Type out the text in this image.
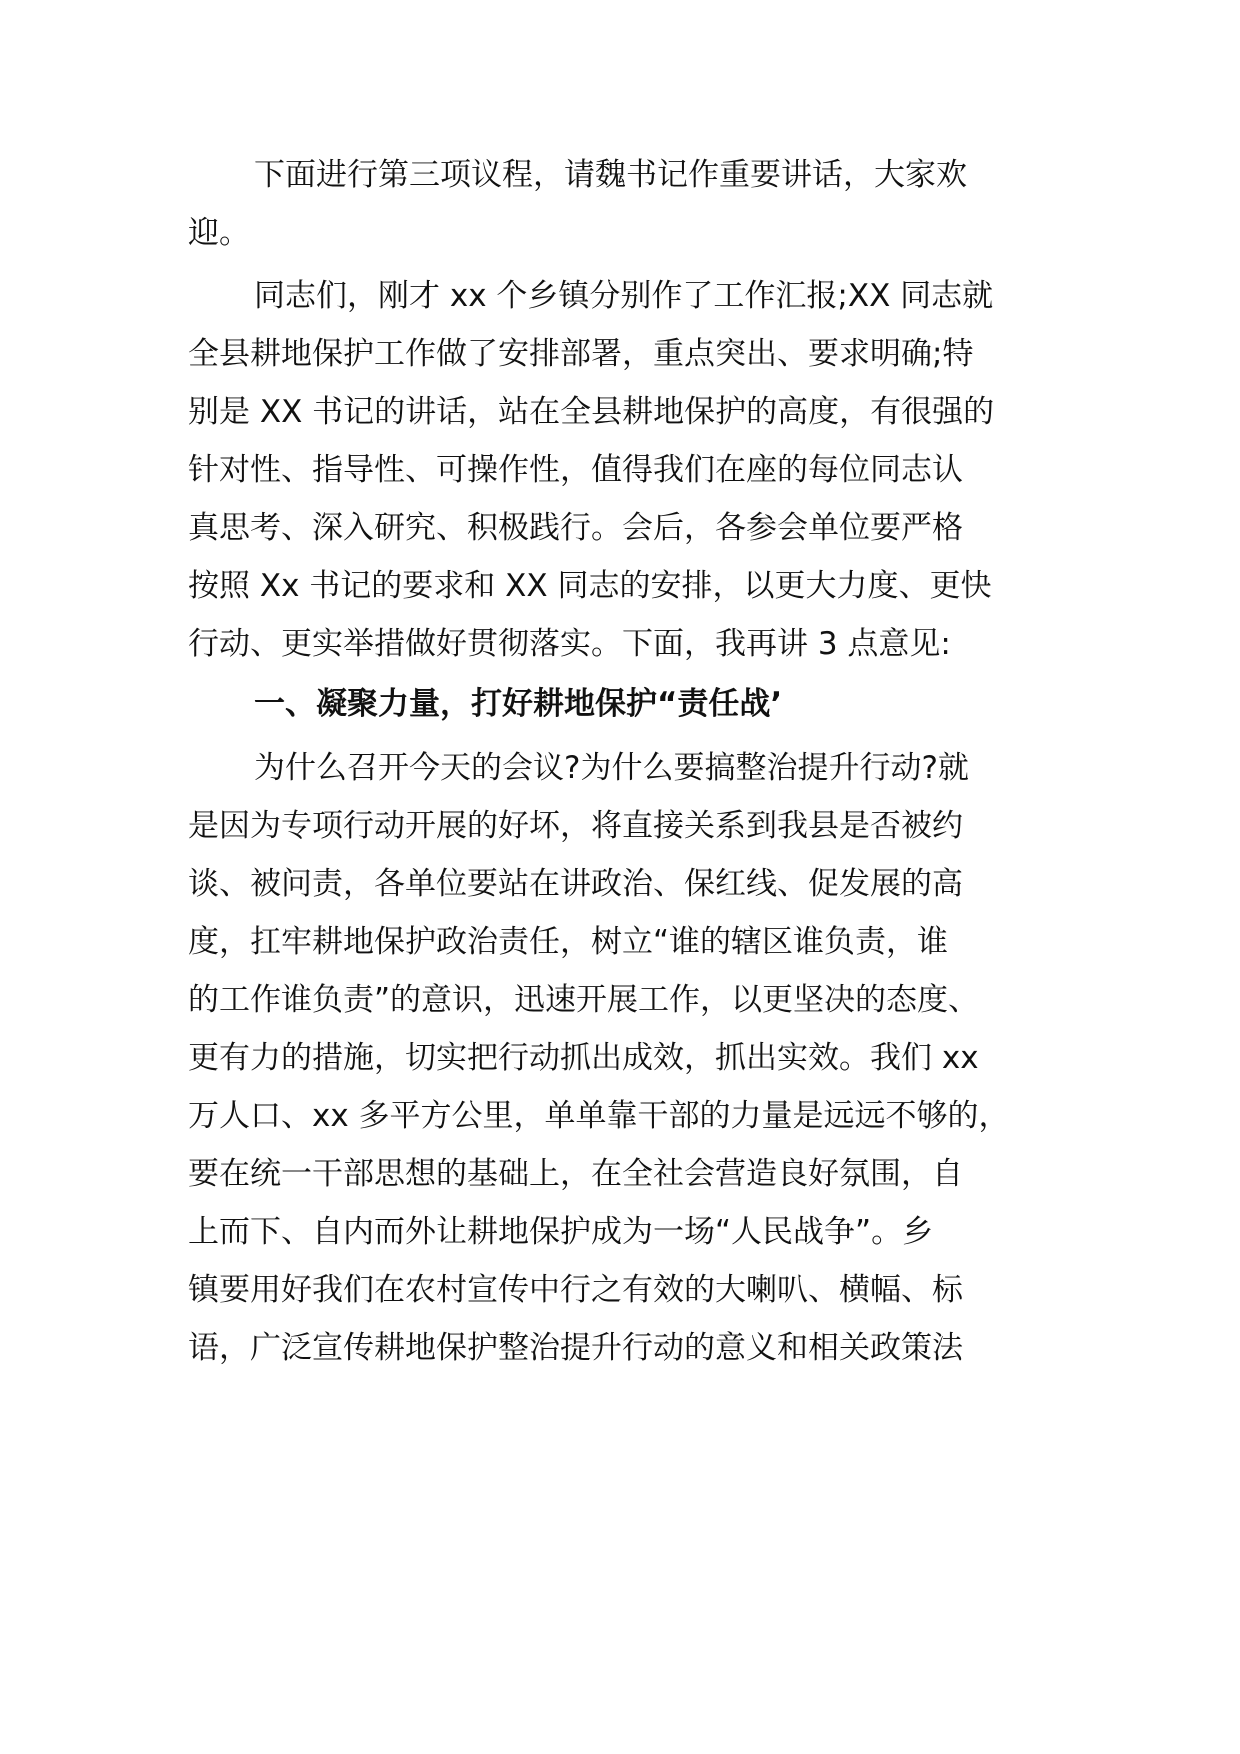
下面进行第三项议程，请魏书记作重要讲话，大家欢
迎。
同志们，刚才 xx 个乡镇分别作了工作汇报;XX 同志就
全县耕地保护工作做了安排部署，重点突出、要求明确;特
别是 XX 书记的讲话，站在全县耕地保护的高度，有很强的
针对性、指导性、可操作性，值得我们在座的每位同志认
真思考、深入研究、积极践行。会后，各参会单位要严格
按照 Xx 书记的要求和 XX 同志的安排，以更大力度、更快
行动、更实举措做好贯彻落实。下面，我再讲 3 点意见:
一、凝聚力量，打好耕地保护“责任战’
为什么召开今天的会议?为什么要搞整治提升行动?就
是因为专项行动开展的好坏，将直接关系到我县是否被约
谈、被问责，各单位要站在讲政治、保红线、促发展的高
度，扛牢耕地保护政治责任，树立“谁的辖区谁负责，谁
的工作谁负责”的意识，迅速开展工作，以更坚决的态度、
更有力的措施，切实把行动抓出成效，抓出实效。我们 xx
万人口、xx 多平方公里，单单靠干部的力量是远远不够的，
要在统一干部思想的基础上，在全社会营造良好氛围，自
上而下、自内而外让耕地保护成为一场“人民战争”。乡
镇要用好我们在农村宣传中行之有效的大喇叭、横幅、标
语，广泛宣传耕地保护整治提升行动的意义和相关政策法
